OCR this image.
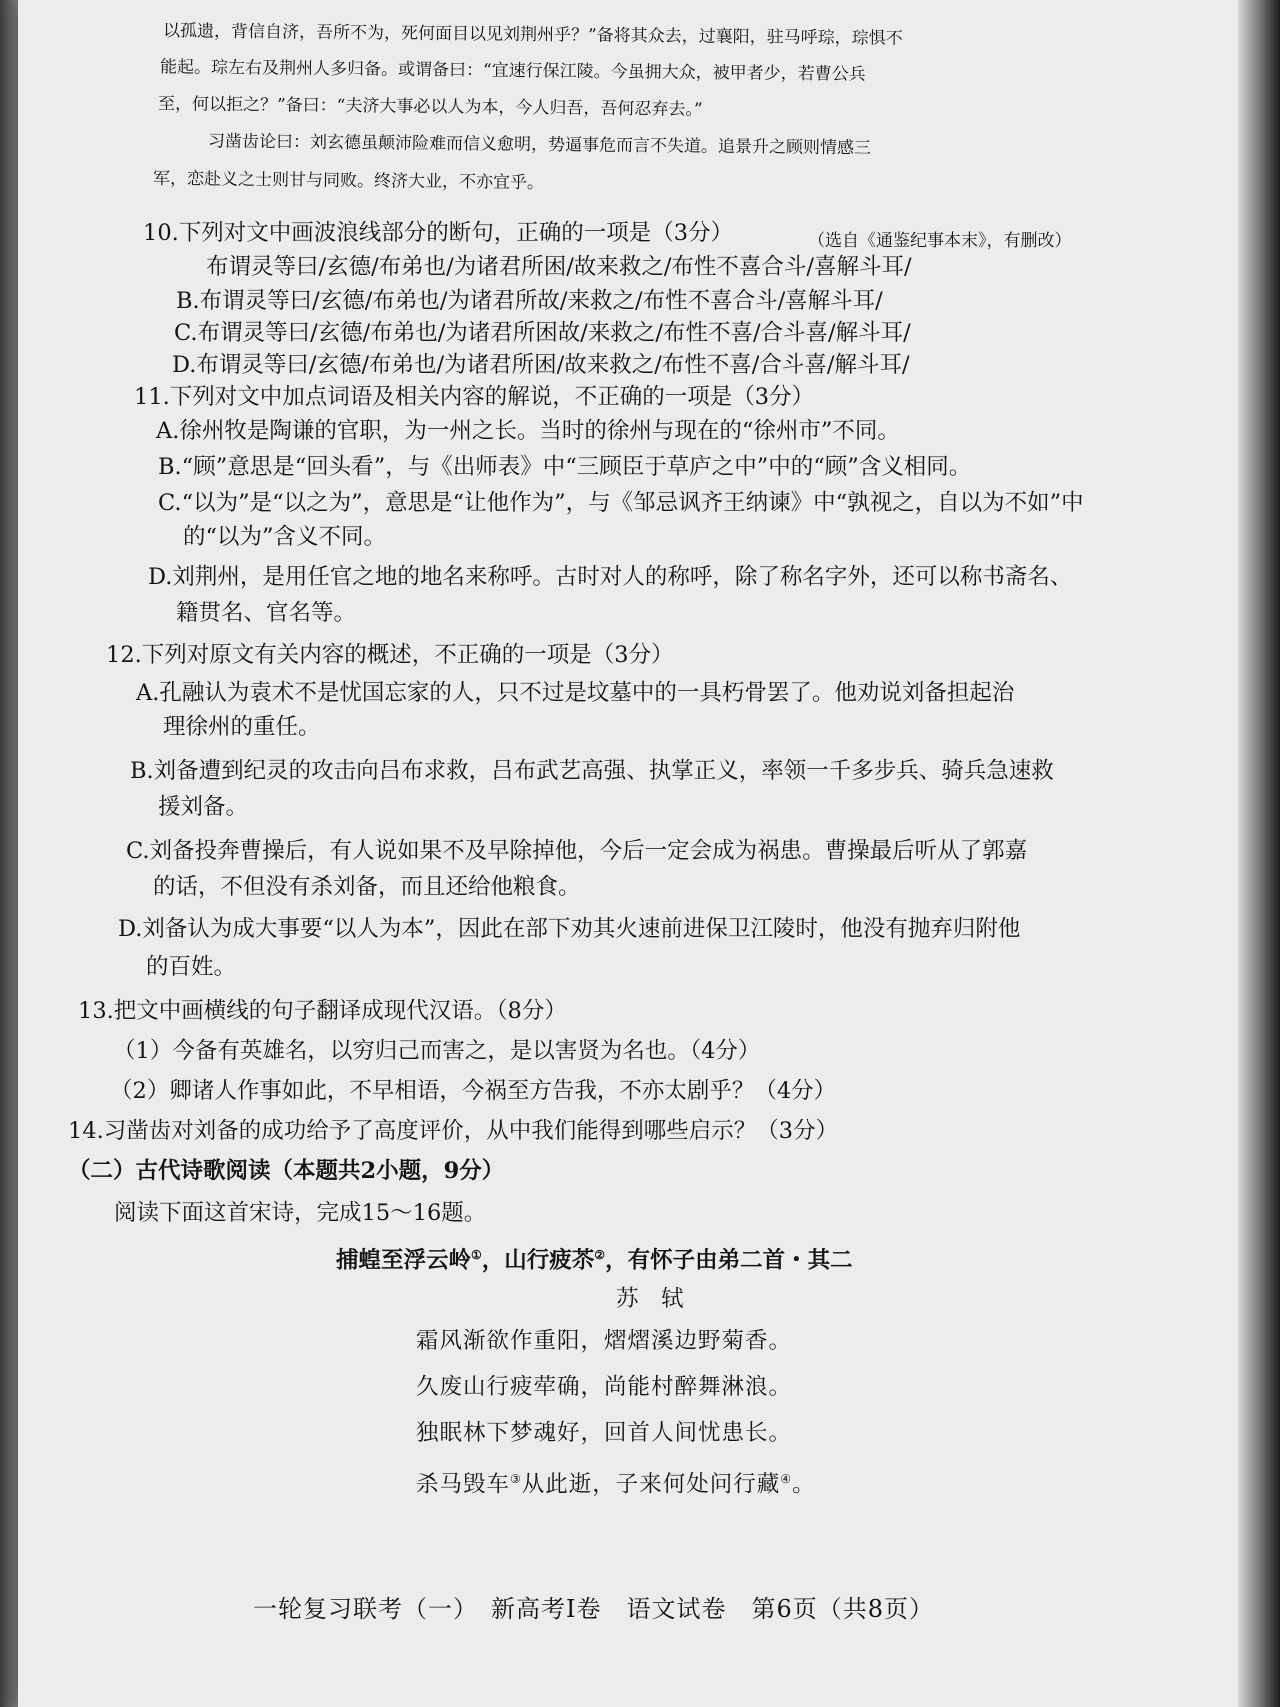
以孤遗，背信自济，吾所不为，死何面目以见刘荆州乎？”备将其众去，过襄阳，驻马呼琮，琮惧不
能起。琮左右及荆州人多归备。或谓备曰：“宜速行保江陵。今虽拥大众，被甲者少，若曹公兵
至，何以拒之？”备曰：“夫济大事必以人为本，今人归吾，吾何忍弃去。”
习凿齿论曰：刘玄德虽颠沛险难而信义愈明，势逼事危而言不失道。追景升之顾则情感三
军，恋赴义之士则甘与同败。终济大业，不亦宜乎。
（选自《通鉴纪事本末》，有删改）
10.下列对文中画波浪线部分的断句，正确的一项是（3分）
布谓灵等曰/玄德/布弟也/为诸君所困/故来救之/布性不喜合斗/喜解斗耳/
B.布谓灵等曰/玄德/布弟也/为诸君所故/来救之/布性不喜合斗/喜解斗耳/
C.布谓灵等曰/玄德/布弟也/为诸君所困故/来救之/布性不喜/合斗喜/解斗耳/
D.布谓灵等曰/玄德/布弟也/为诸君所困/故来救之/布性不喜/合斗喜/解斗耳/
11.下列对文中加点词语及相关内容的解说，不正确的一项是（3分）
A.徐州牧是陶谦的官职，为一州之长。当时的徐州与现在的“徐州市”不同。
B.“顾”意思是“回头看”，与《出师表》中“三顾臣于草庐之中”中的“顾”含义相同。
C.“以为”是“以之为”，意思是“让他作为”，与《邹忌讽齐王纳谏》中“孰视之，自以为不如”中
的“以为”含义不同。
D.刘荆州，是用任官之地的地名来称呼。古时对人的称呼，除了称名字外，还可以称书斋名、
籍贯名、官名等。
12.下列对原文有关内容的概述，不正确的一项是（3分）
A.孔融认为袁术不是忧国忘家的人，只不过是坟墓中的一具朽骨罢了。他劝说刘备担起治
理徐州的重任。
B.刘备遭到纪灵的攻击向吕布求救，吕布武艺高强、执掌正义，率领一千多步兵、骑兵急速救
援刘备。
C.刘备投奔曹操后，有人说如果不及早除掉他，今后一定会成为祸患。曹操最后听从了郭嘉
的话，不但没有杀刘备，而且还给他粮食。
D.刘备认为成大事要“以人为本”，因此在部下劝其火速前进保卫江陵时，他没有抛弃归附他
的百姓。
13.把文中画横线的句子翻译成现代汉语。（8分）
（1）今备有英雄名，以穷归己而害之，是以害贤为名也。（4分）
（2）卿诸人作事如此，不早相语，今祸至方告我，不亦太剧乎？（4分）
14.习凿齿对刘备的成功给予了高度评价，从中我们能得到哪些启示？（3分）
（二）古代诗歌阅读（本题共2小题，9分）
阅读下面这首宋诗，完成15～16题。
捕蝗至浮云岭①，山行疲苶②，有怀子由弟二首・其二
苏　轼
霜风渐欲作重阳，熠熠溪边野菊香。
久废山行疲荦确，尚能村醉舞淋浪。
独眠林下梦魂好，回首人间忧患长。
杀马毁车③从此逝，子来何处问行藏④。
一轮复习联考（一）　新高考Ⅰ卷　语文试卷　第6页（共8页）
